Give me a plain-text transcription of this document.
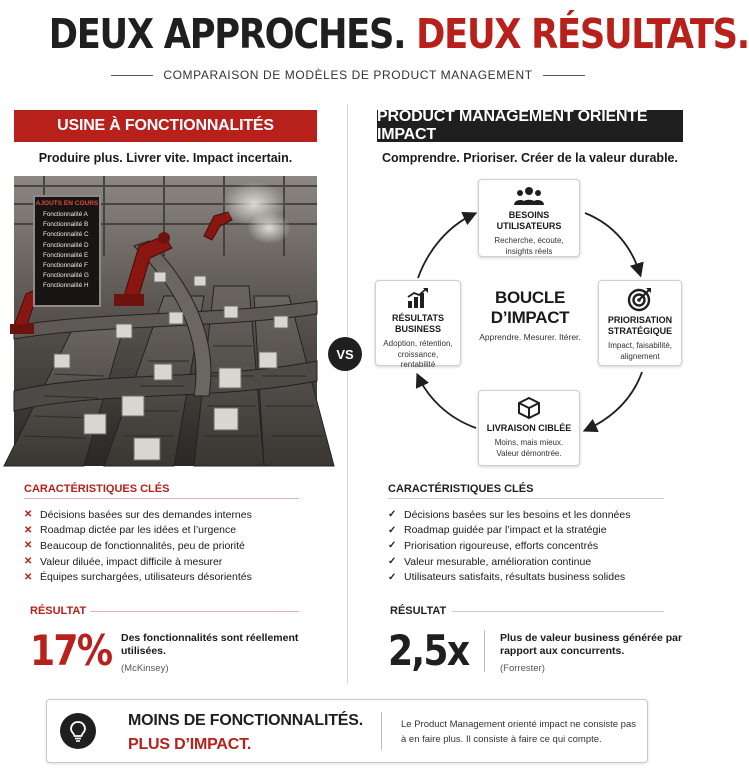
DEUX APPROCHES. DEUX RÉSULTATS.
COMPARAISON DE MODÈLES DE PRODUCT MANAGEMENT
USINE À FONCTIONNALITÉS
PRODUCT MANAGEMENT ORIENTÉ IMPACT
Produire plus. Livrer vite. Impact incertain.	Comprendre. Prioriser. Créer de la valeur durable.
AJOUTS EN COURS
Fonctionnalité A
Fonctionnalité B
Fonctionnalité C
Fonctionnalité D
Fonctionnalité E
Fonctionnalité F
Fonctionnalité G
Fonctionnalité H
VS
BESOINS UTILISATEURS
Recherche, écoute, insights réels
PRIORISATION STRATÉGIQUE
Impact, faisabilité, alignement
LIVRAISON CIBLÉE
Moins, mais mieux. Valeur démontrée.
RÉSULTATS BUSINESS
Adoption, rétention, croissance, rentabilité
BOUCLE
D’IMPACT
Apprendre. Mesurer. Itérer.
CARACTÉRISTIQUES CLÉS
✕ Décisions basées sur des demandes internes
✕ Roadmap dictée par les idées et l’urgence
✕ Beaucoup de fonctionnalités, peu de priorité
✕ Valeur diluée, impact difficile à mesurer
✕ Équipes surchargées, utilisateurs désorientés
CARACTÉRISTIQUES CLÉS
✓ Décisions basées sur les besoins et les données
✓ Roadmap guidée par l’impact et la stratégie
✓ Priorisation rigoureuse, efforts concentrés
✓ Valeur mesurable, amélioration continue
✓ Utilisateurs satisfaits, résultats business solides
RÉSULTAT
17% Des fonctionnalités sont réellement utilisées.
(McKinsey)
RÉSULTAT
2,5x	Plus de valeur business générée par rapport aux concurrents.
(Forrester)
MOINS DE FONCTIONNALITÉS.
PLUS D’IMPACT.
Le Product Management orienté impact ne consiste pas à en faire plus. Il consiste à faire ce qui compte.
